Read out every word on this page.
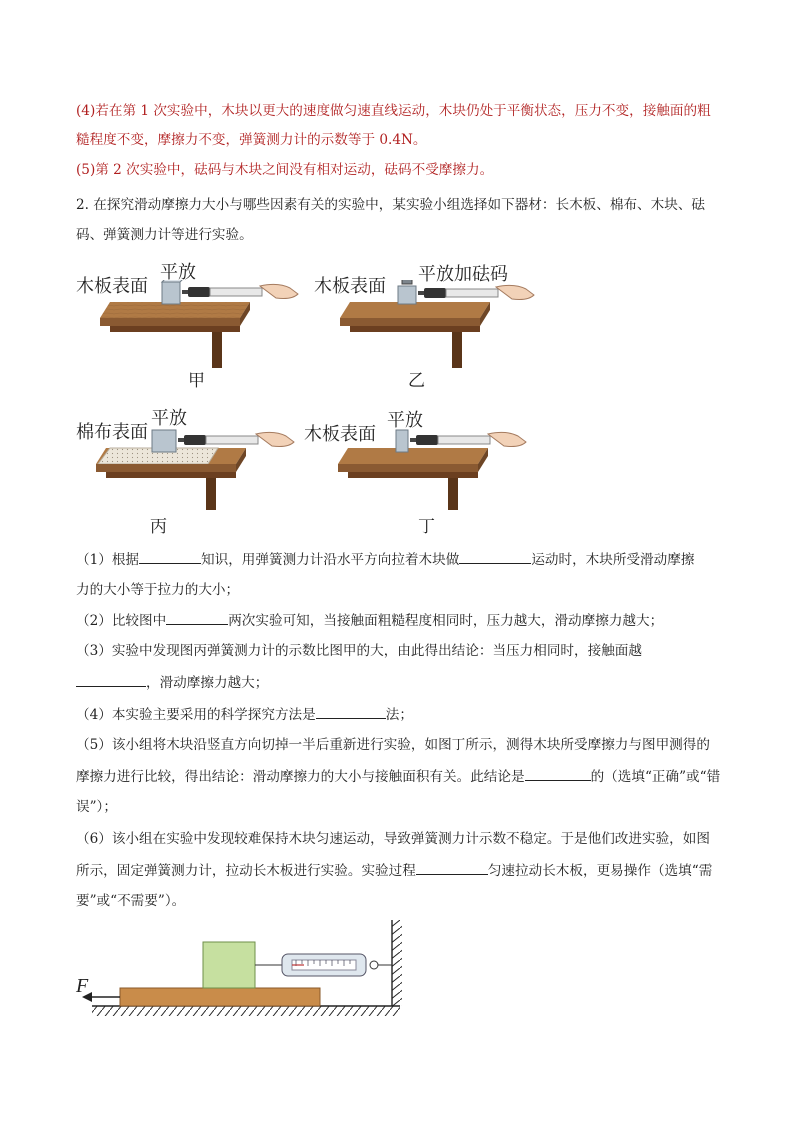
(4)若在第 1 次实验中，木块以更大的速度做匀速直线运动，木块仍处于平衡状态，压力不变，接触面的粗
糙程度不变，摩擦力不变，弹簧测力计的示数等于 0.4N。
(5)第 2 次实验中，砝码与木块之间没有相对运动，砝码不受摩擦力。
2. 在探究滑动摩擦力大小与哪些因素有关的实验中，某实验小组选择如下器材：长木板、棉布、木块、砝
码、弹簧测力计等进行实验。
木板表面
平放
甲
木板表面
平放加砝码
乙
棉布表面
平放
丙
木板表面
平放
丁
（1）根据	知识，用弹簧测力计沿水平方向拉着木块做	运动时，木块所受滑动摩擦
力的大小等于拉力的大小；
（2）比较图中	两次实验可知，当接触面粗糙程度相同时，压力越大，滑动摩擦力越大；
（3）实验中发现图丙弹簧测力计的示数比图甲的大，由此得出结论：当压力相同时，接触面越
，滑动摩擦力越大；
（4）本实验主要采用的科学探究方法是	法；
（5）该小组将木块沿竖直方向切掉一半后重新进行实验，如图丁所示，测得木块所受摩擦力与图甲测得的
摩擦力进行比较，得出结论：滑动摩擦力的大小与接触面积有关。此结论是	的（选填“正确”或“错
误”）；
（6）该小组在实验中发现较难保持木块匀速运动，导致弹簧测力计示数不稳定。于是他们改进实验，如图
所示，固定弹簧测力计，拉动长木板进行实验。实验过程	匀速拉动长木板，更易操作（选填“需
要”或“不需要”）。
F
